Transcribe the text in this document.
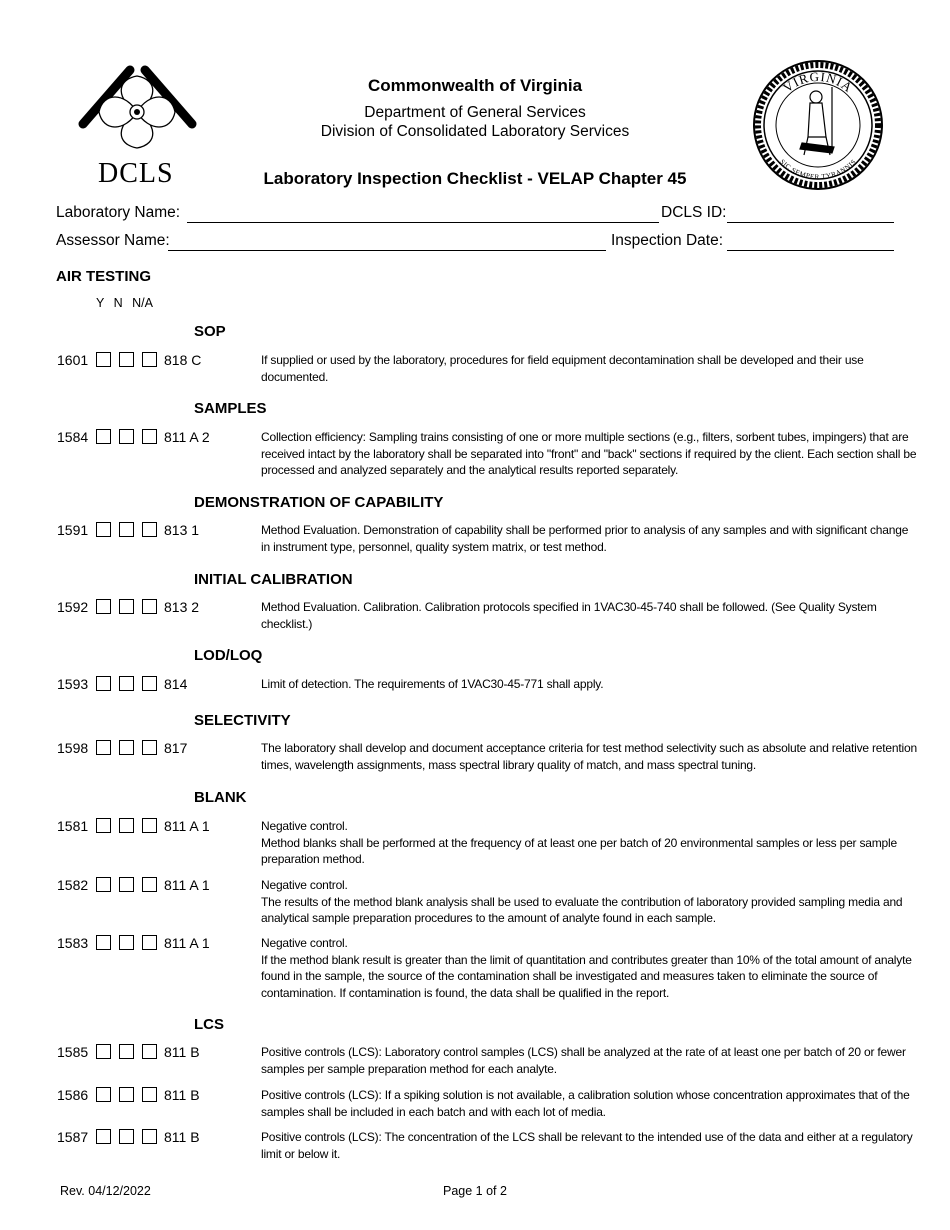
DCLS
Commonwealth of Virginia
Department of General Services
Division of Consolidated Laboratory Services
Laboratory Inspection Checklist - VELAP Chapter 45
VIRGINIA
SIC SEMPER TYRANNIS
Laboratory Name:	DCLS ID:
Assessor Name:	Inspection Date:
AIR TESTING
Y N N/A
SOP
SAMPLES
DEMONSTRATION OF CAPABILITY
INITIAL CALIBRATION
LOD/LOQ
SELECTIVITY
BLANK
LCS
1601	818 C	If supplied or used by the laboratory, procedures for field equipment decontamination shall be developed and their use documented.
1584	811 A 2	Collection efficiency: Sampling trains consisting of one or more multiple sections (e.g., filters, sorbent tubes, impingers) that are received intact by the laboratory shall be separated into "front" and "back" sections if required by the client. Each section shall be processed and analyzed separately and the analytical results reported separately.
1591	813 1	Method Evaluation. Demonstration of capability shall be performed prior to analysis of any samples and with significant change in instrument type, personnel, quality system matrix, or test method.
1592	813 2	Method Evaluation. Calibration. Calibration protocols specified in 1VAC30-45-740 shall be followed. (See Quality System checklist.)
1593	814	Limit of detection. The requirements of 1VAC30-45-771 shall apply.
1598	817	The laboratory shall develop and document acceptance criteria for test method selectivity such as absolute and relative retention times, wavelength assignments, mass spectral library quality of match, and mass spectral tuning.
1581	811 A 1	Negative control.
Method blanks shall be performed at the frequency of at least one per batch of 20 environmental samples or less per sample preparation method.
1582	811 A 1	Negative control.
The results of the method blank analysis shall be used to evaluate the contribution of laboratory provided sampling media and analytical sample preparation procedures to the amount of analyte found in each sample.
1583	811 A 1	Negative control.
If the method blank result is greater than the limit of quantitation and contributes greater than 10% of the total amount of analyte found in the sample, the source of the contamination shall be investigated and measures taken to eliminate the source of contamination. If contamination is found, the data shall be qualified in the report.
1585	811 B	Positive controls (LCS): Laboratory control samples (LCS) shall be analyzed at the rate of at least one per batch of 20 or fewer samples per sample preparation method for each analyte.
1586	811 B	Positive controls (LCS): If a spiking solution is not available, a calibration solution whose concentration approximates that of the samples shall be included in each batch and with each lot of media.
1587	811 B	Positive controls (LCS): The concentration of the LCS shall be relevant to the intended use of the data and either at a regulatory limit or below it.
Rev. 04/12/2022	Page 1 of 2
